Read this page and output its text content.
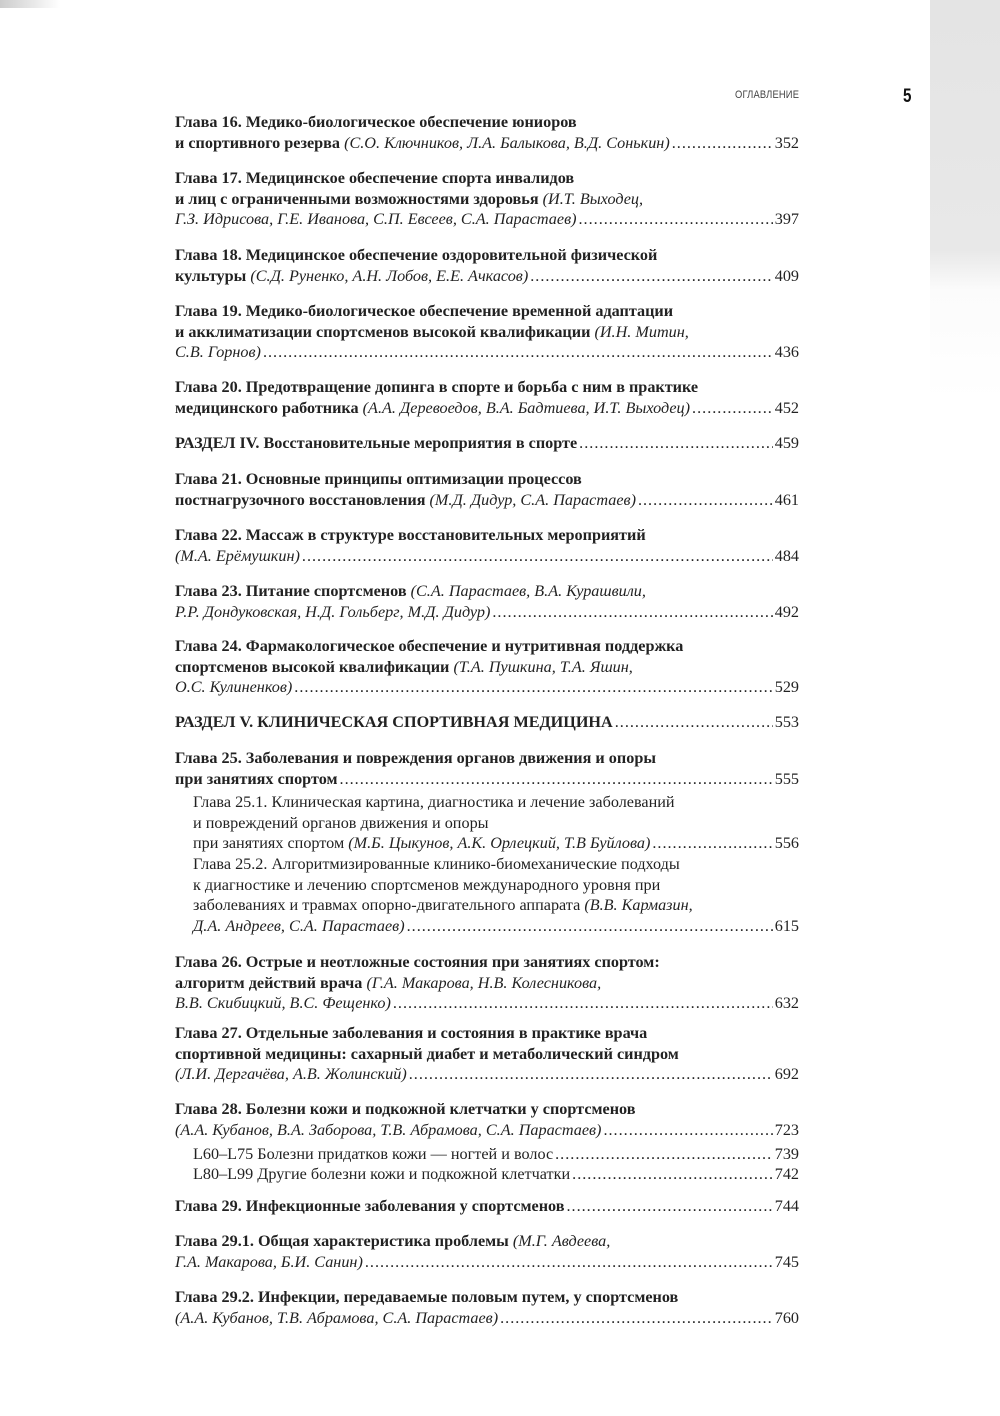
ОГЛАВЛЕНИЕ	5
Глава 16. Медико-биологическое обеспечение юниоров
и спортивного резерва (С.О. Ключников, Л.А. Балыкова, В.Д. Сонькин) .....	352
Глава 17. Медицинское обеспечение спорта инвалидов
и лиц с ограниченными возможностями здоровья (И.Т. Выходец,
Г.З. Идрисова, Г.Е. Иванова, С.П. Евсеев, С.А. Парастаев) .....	397
Глава 18. Медицинское обеспечение оздоровительной физической
культуры (С.Д. Руненко, А.Н. Лобов, Е.Е. Ачкасов) .....	409
Глава 19. Медико-биологическое обеспечение временной адаптации
и акклиматизации спортсменов высокой квалификации (И.Н. Митин,
С.В. Горнов) .....	436
Глава 20. Предотвращение допинга в спорте и борьба с ним в практике
медицинского работника (А.А. Деревоедов, В.А. Бадтиева, И.Т. Выходец) .....	452
РАЗДЕЛ IV. Восстановительные мероприятия в спорте .....	459
Глава 21. Основные принципы оптимизации процессов
постнагрузочного восстановления (М.Д. Дидур, С.А. Парастаев) .....	461
Глава 22. Массаж в структуре восстановительных мероприятий
(М.А. Ерёмушкин) .....	484
Глава 23. Питание спортсменов (С.А. Парастаев, В.А. Курашвили,
Р.Р. Дондуковская, Н.Д. Гольберг, М.Д. Дидур) .....	492
Глава 24. Фармакологическое обеспечение и нутритивная поддержка
спортсменов высокой квалификации (Т.А. Пушкина, Т.А. Яшин,
О.С. Кулиненков) .....	529
РАЗДЕЛ V. КЛИНИЧЕСКАЯ СПОРТИВНАЯ МЕДИЦИНА .....	553
Глава 25. Заболевания и повреждения органов движения и опоры
при занятиях спортом .....	555
Глава 25.1. Клиническая картина, диагностика и лечение заболеваний
и повреждений органов движения и опоры
при занятиях спортом (М.Б. Цыкунов, А.К. Орлецкий, Т.В Буйлова) .....	556
Глава 25.2. Алгоритмизированные клинико-биомеханические подходы
к диагностике и лечению спортсменов международного уровня при
заболеваниях и травмах опорно-двигательного аппарата (В.В. Кармазин,
Д.А. Андреев, С.А. Парастаев) .....	615
Глава 26. Острые и неотложные состояния при занятиях спортом:
алгоритм действий врача (Г.А. Макарова, Н.В. Колесникова,
В.В. Скибицкий, В.С. Фещенко) .....	632
Глава 27. Отдельные заболевания и состояния в практике врача
спортивной медицины: сахарный диабет и метаболический синдром
(Л.И. Дергачёва, А.В. Жолинский) .....	692
Глава 28. Болезни кожи и подкожной клетчатки у спортсменов
(А.А. Кубанов, В.А. Заборова, Т.В. Абрамова, С.А. Парастаев) .....	723
L60–L75 Болезни придатков кожи — ногтей и волос .....	739
L80–L99 Другие болезни кожи и подкожной клетчатки .....	742
Глава 29. Инфекционные заболевания у спортсменов .....	744
Глава 29.1. Общая характеристика проблемы (М.Г. Авдеева,
Г.А. Макарова, Б.И. Санин) .....	745
Глава 29.2. Инфекции, передаваемые половым путем, у спортсменов
(А.А. Кубанов, Т.В. Абрамова, С.А. Парастаев) .....	760
